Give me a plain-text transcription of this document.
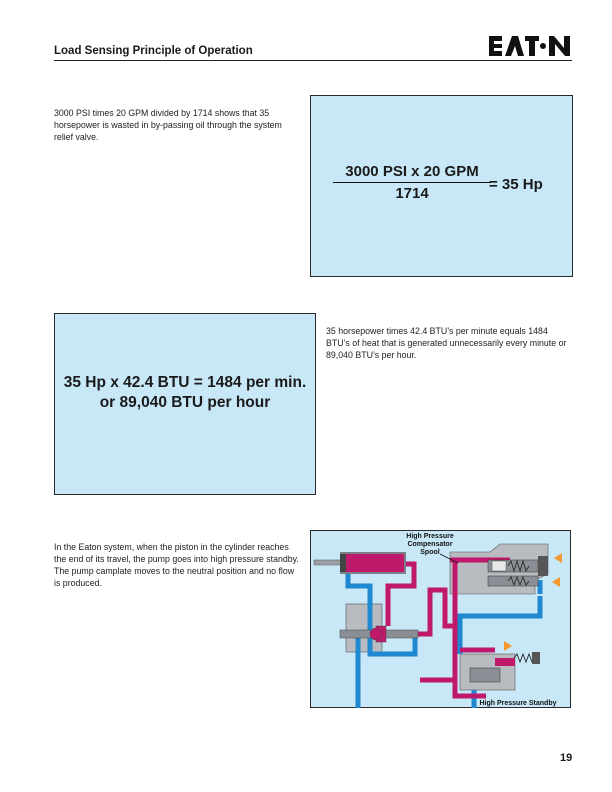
Load Sensing Principle of Operation
3000 PSI times 20 GPM divided by 1714 shows that 35 horsepower is wasted in by-passing oil through the system relief valve.
3000 PSI x 20 GPM
1714
= 35 Hp
35 Hp x 42.4 BTU = 1484 per min.
or 89,040 BTU per hour
35 horsepower times 42.4 BTU’s per minute equals 1484 BTU’s of heat that is generated unnecessarily every minute or 89,040 BTU’s per hour.
In the Eaton system, when the piston in the cylinder reaches the end of its travel, the pump goes into high pressure standby. The pump camplate moves to the neutral position and no flow is produced.
High Pressure
Compensator
Spool
High Pressure Standby
19
